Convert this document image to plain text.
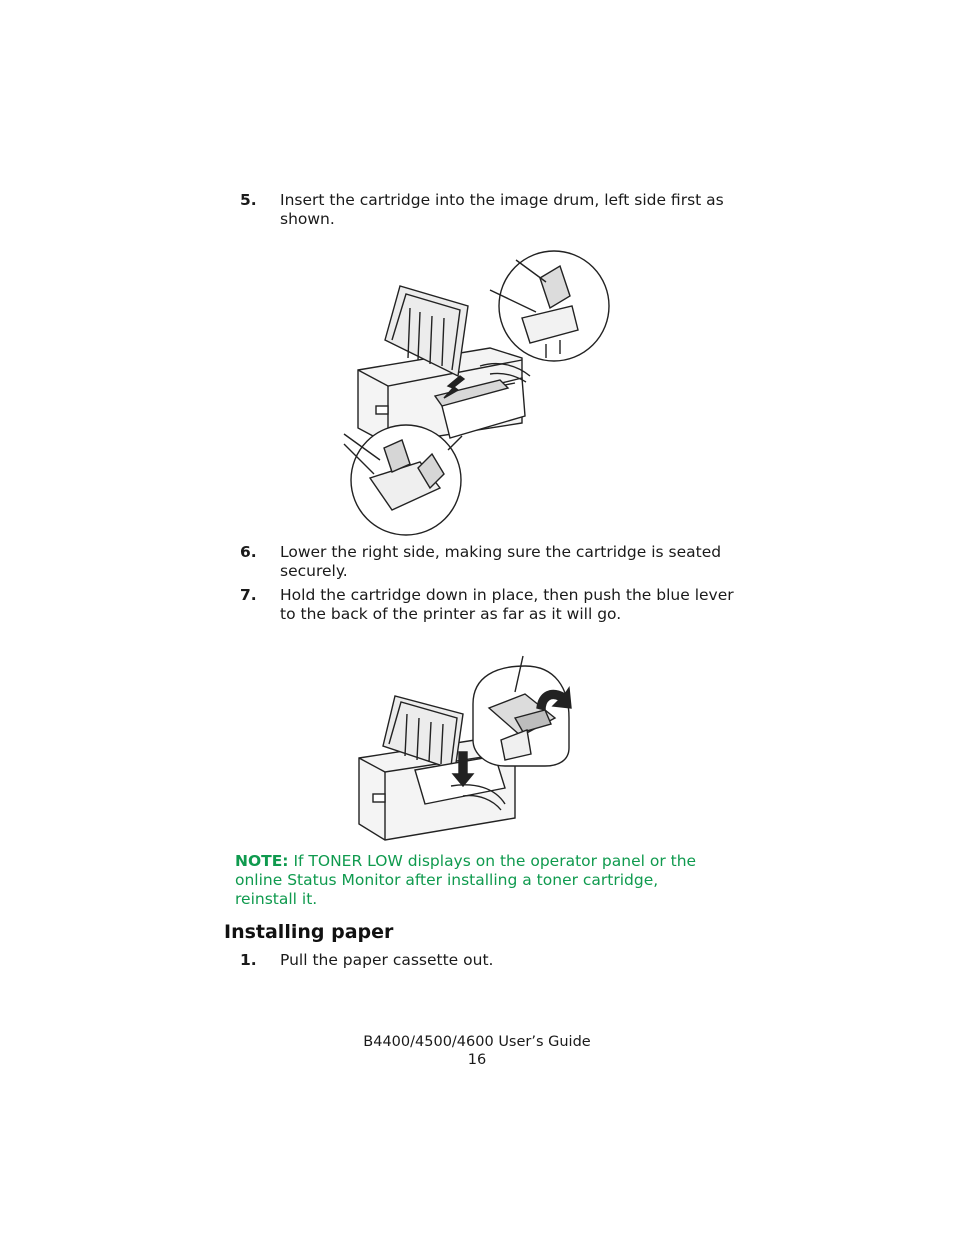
5. Insert the cartridge into the image drum, left side first as shown.
6. Lower the right side, making sure the cartridge is seated securely.
7. Hold the cartridge down in place, then push the blue lever to the back of the printer as far as it will go.
NOTE: If TONER LOW displays on the operator panel or the online Status Monitor after installing a toner cartridge, reinstall it.
Installing paper
1. Pull the paper cassette out.
B4400/4500/4600 User’s Guide
16
